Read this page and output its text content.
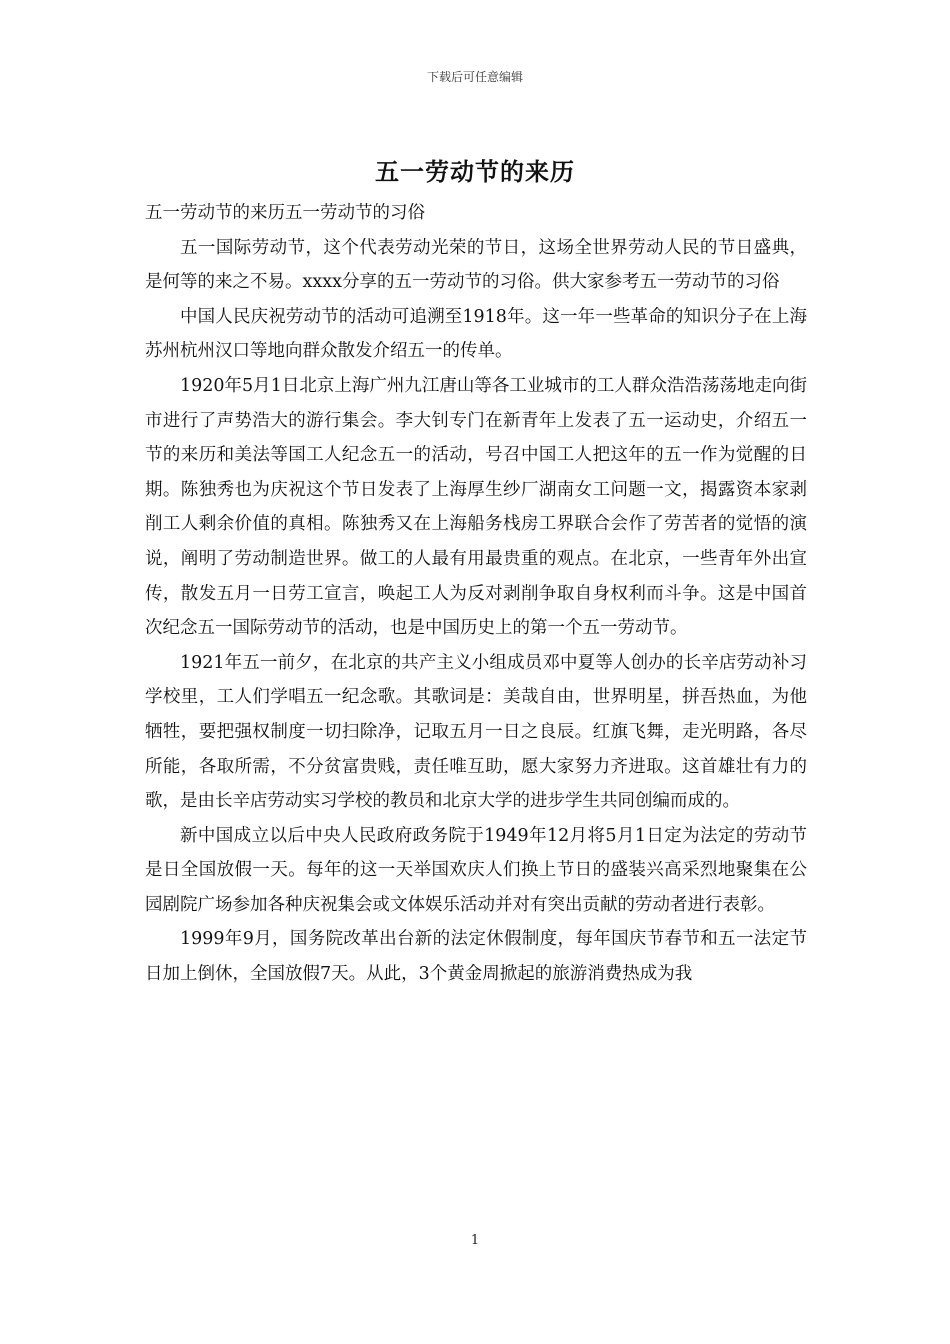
下载后可任意编辑
五一劳动节的来历

五一劳动节的来历五一劳动节的习俗

五一国际劳动节，这个代表劳动光荣的节日，这场全世界劳动人民的节日盛典，是何等的来之不易。xxxx分享的五一劳动节的习俗。供大家参考五一劳动节的习俗

中国人民庆祝劳动节的活动可追溯至1918年。这一年一些革命的知识分子在上海苏州杭州汉口等地向群众散发介绍五一的传单。

1920年5月1日北京上海广州九江唐山等各工业城市的工人群众浩浩荡荡地走向街市进行了声势浩大的游行集会。李大钊专门在新青年上发表了五一运动史，介绍五一节的来历和美法等国工人纪念五一的活动，号召中国工人把这年的五一作为觉醒的日期。陈独秀也为庆祝这个节日发表了上海厚生纱厂湖南女工问题一文，揭露资本家剥削工人剩余价值的真相。陈独秀又在上海船务栈房工界联合会作了劳苦者的觉悟的演说，阐明了劳动制造世界。做工的人最有用最贵重的观点。在北京，一些青年外出宣传，散发五月一日劳工宣言，唤起工人为反对剥削争取自身权利而斗争。这是中国首次纪念五一国际劳动节的活动，也是中国历史上的第一个五一劳动节。

1921年五一前夕，在北京的共产主义小组成员邓中夏等人创办的长辛店劳动补习学校里，工人们学唱五一纪念歌。其歌词是：美哉自由，世界明星，拼吾热血，为他牺牲，要把强权制度一切扫除净，记取五月一日之良辰。红旗飞舞，走光明路，各尽所能，各取所需，不分贫富贵贱，责任唯互助，愿大家努力齐进取。这首雄壮有力的歌，是由长辛店劳动实习学校的教员和北京大学的进步学生共同创编而成的。

新中国成立以后中央人民政府政务院于1949年12月将5月1日定为法定的劳动节是日全国放假一天。每年的这一天举国欢庆人们换上节日的盛装兴高采烈地聚集在公园剧院广场参加各种庆祝集会或文体娱乐活动并对有突出贡献的劳动者进行表彰。

1999年9月，国务院改革出台新的法定休假制度，每年国庆节春节和五一法定节日加上倒休，全国放假7天。从此，3个黄金周掀起的旅游消费热成为我

1
